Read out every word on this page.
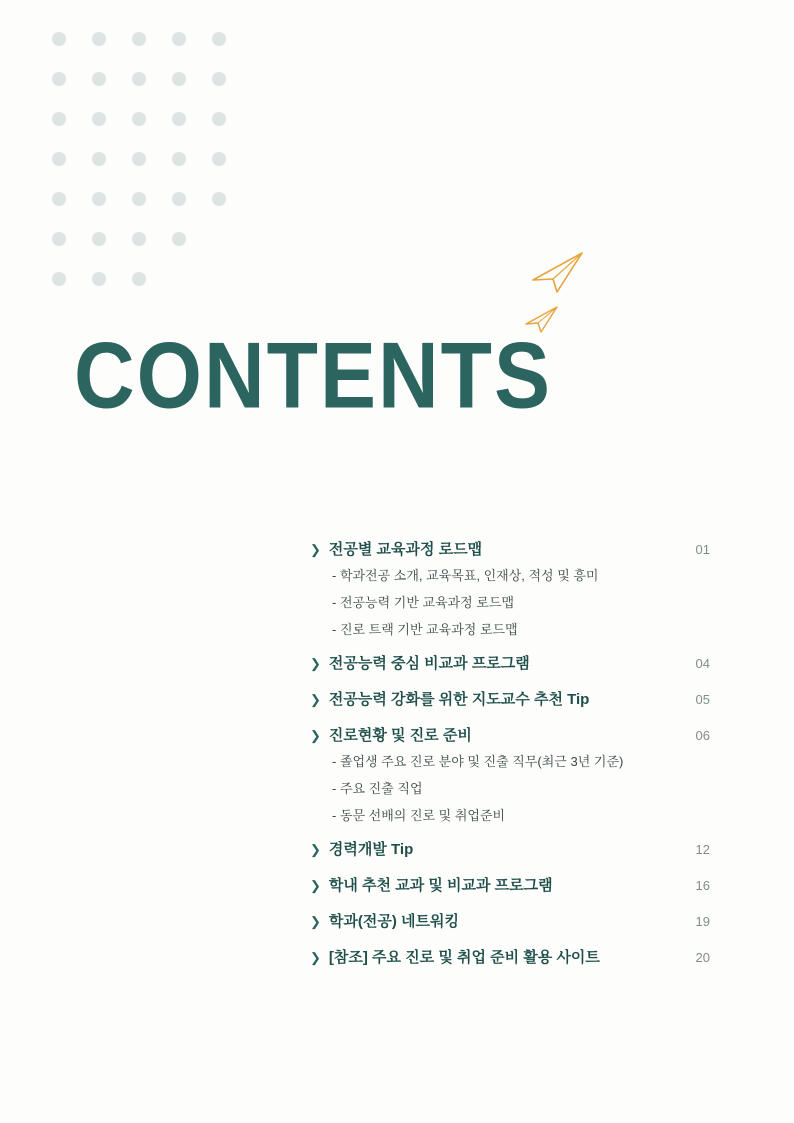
CONTENTS
❯ 전공별 교육과정 로드맵	01
- 학과전공 소개, 교육목표, 인재상, 적성 및 흥미
- 전공능력 기반 교육과정 로드맵
- 진로 트랙 기반 교육과정 로드맵
❯ 전공능력 중심 비교과 프로그램	04
❯ 전공능력 강화를 위한 지도교수 추천 Tip	05
❯ 진로현황 및 진로 준비	06
- 졸업생 주요 진로 분야 및 진출 직무(최근 3년 기준)
- 주요 진출 직업
- 동문 선배의 진로 및 취업준비
❯ 경력개발 Tip	12
❯ 학내 추천 교과 및 비교과 프로그램	16
❯ 학과(전공) 네트워킹	19
❯ [참조] 주요 진로 및 취업 준비 활용 사이트	20
